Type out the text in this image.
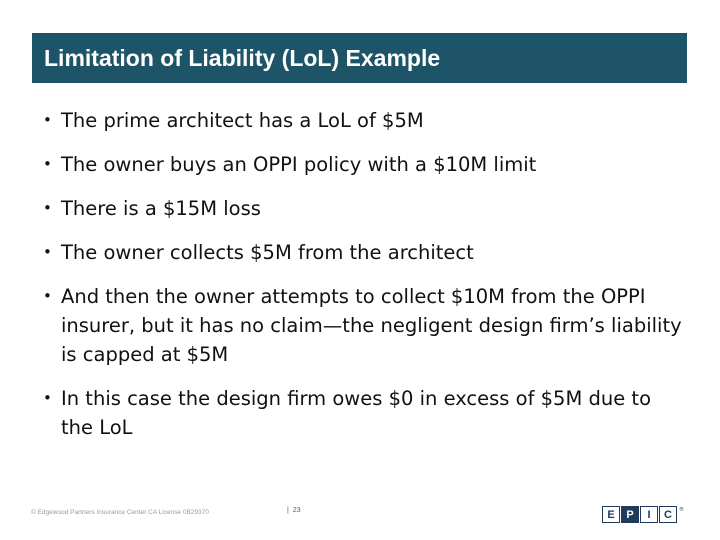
Limitation of Liability (LoL) Example
• The prime architect has a LoL of $5M
• The owner buys an OPPI policy with a $10M limit
• There is a $15M loss
• The owner collects $5M from the architect
• And then the owner attempts to collect $10M from the OPPI insurer, but it has no claim—the negligent design firm’s liability is capped at $5M
• In this case the design firm owes $0 in excess of $5M due to the LoL
© Edgewood Partners Insurance Center CA License 0B29370	| 23	E	P	I	C	®
